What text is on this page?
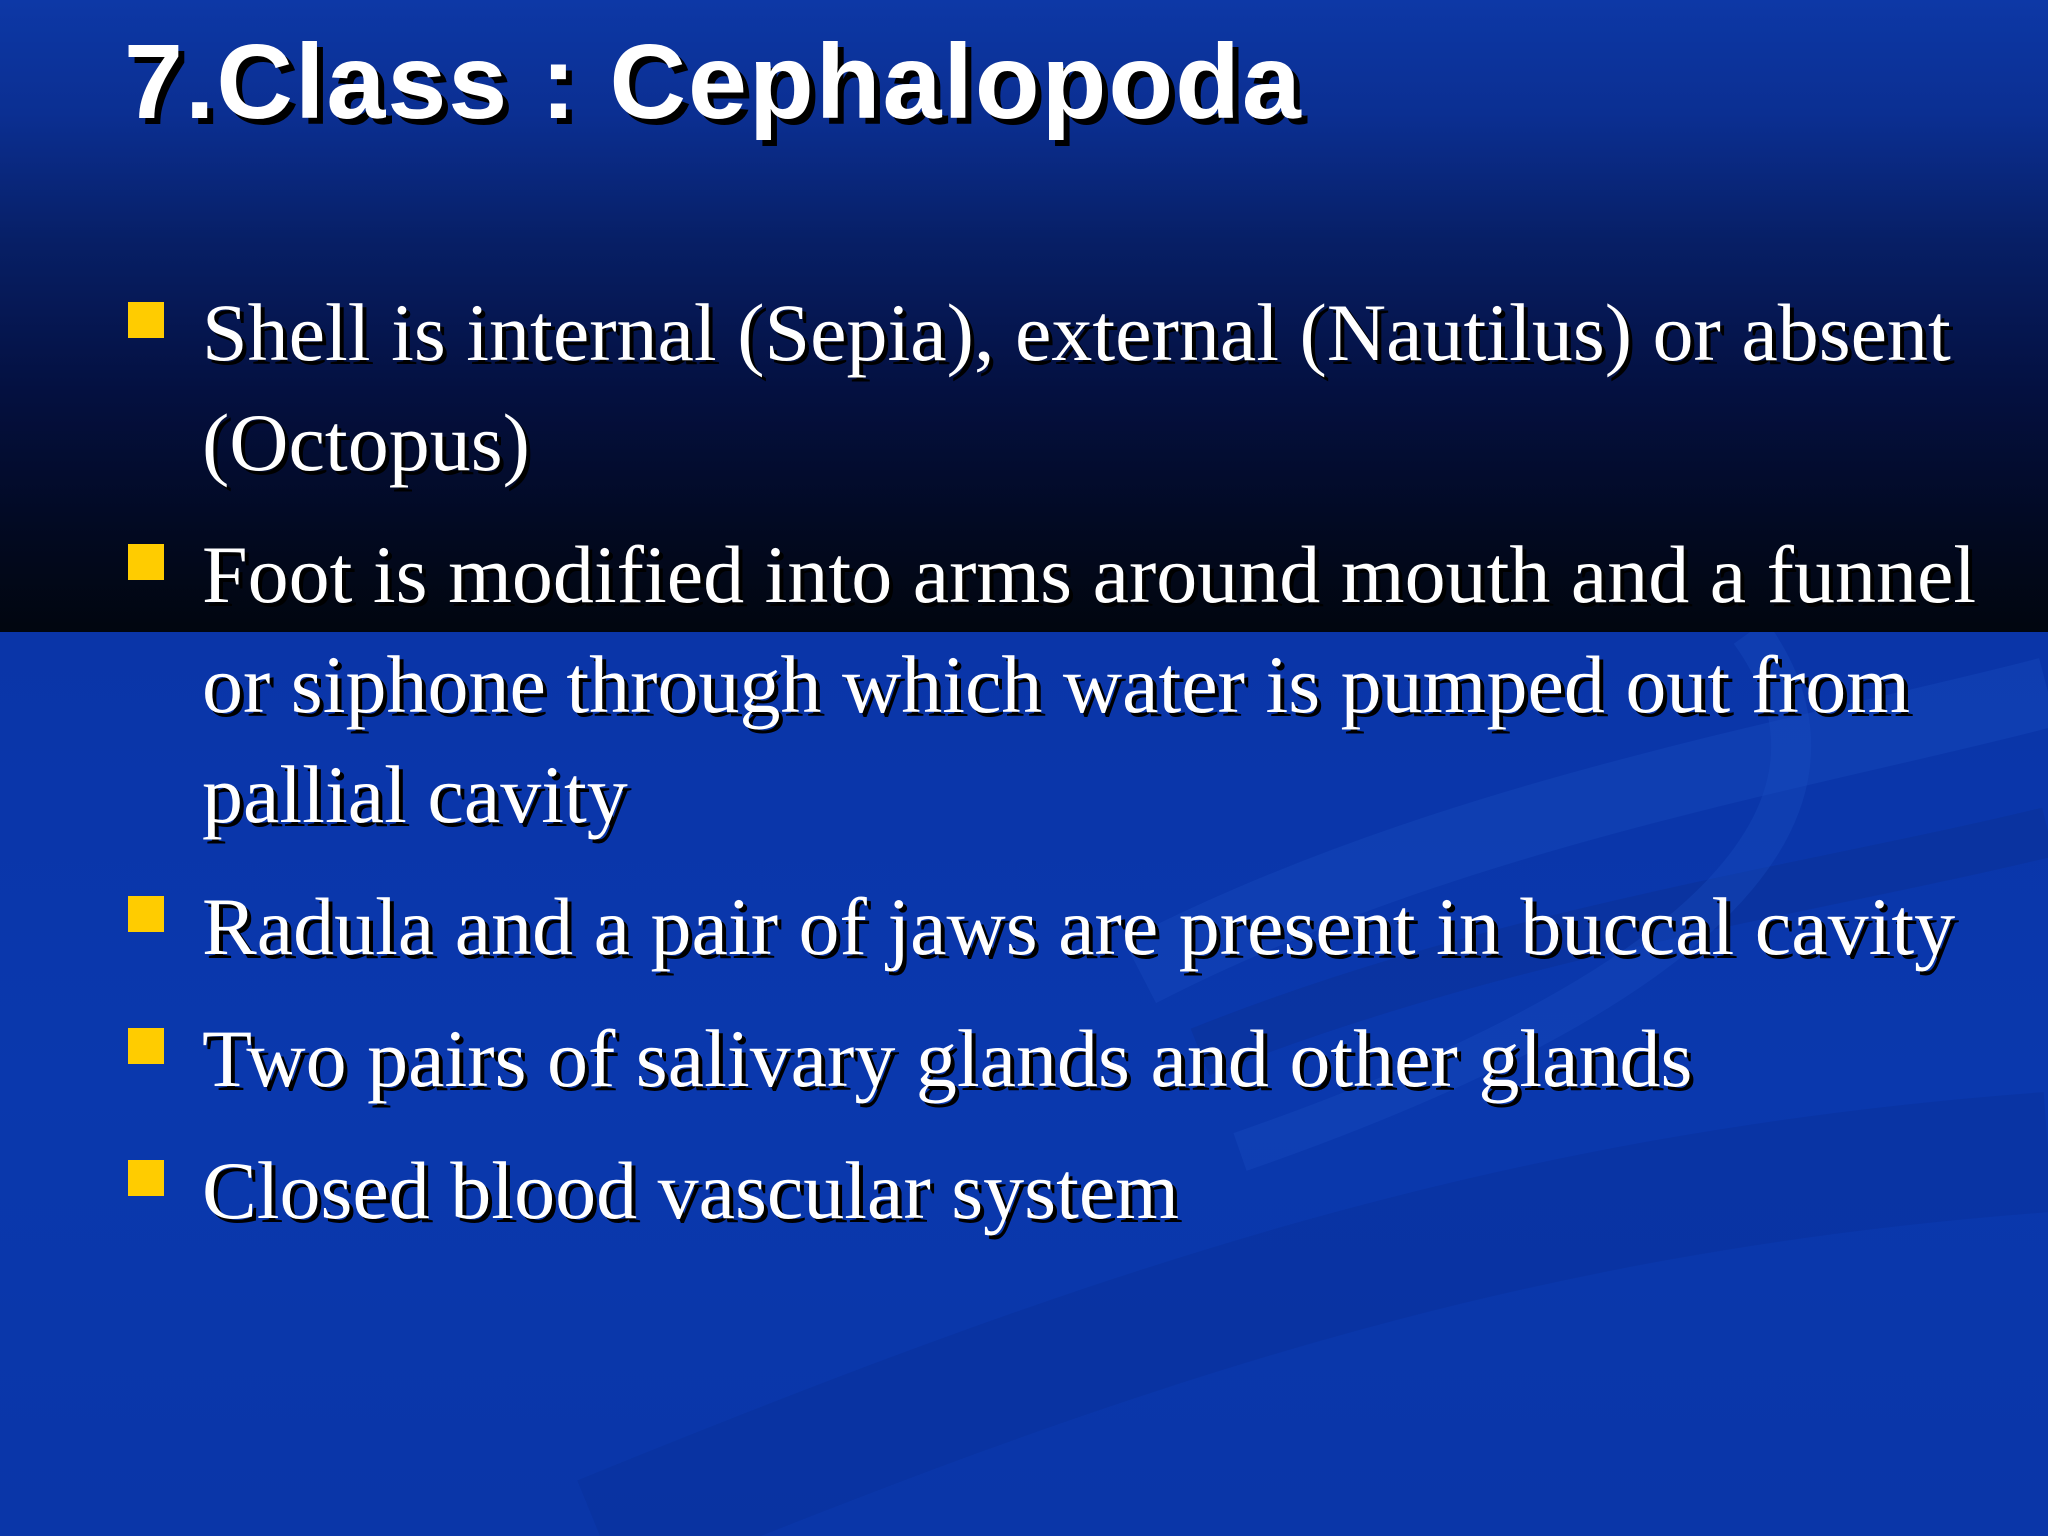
7.Class : Cephalopoda
Shell is internal (Sepia), external (Nautilus) or absent (Octopus)
Foot is modified into arms around mouth and a funnel or siphone through which water is pumped out from pallial cavity
Radula and a pair of jaws are present in buccal cavity
Two pairs of salivary glands and other glands
Closed blood vascular system
